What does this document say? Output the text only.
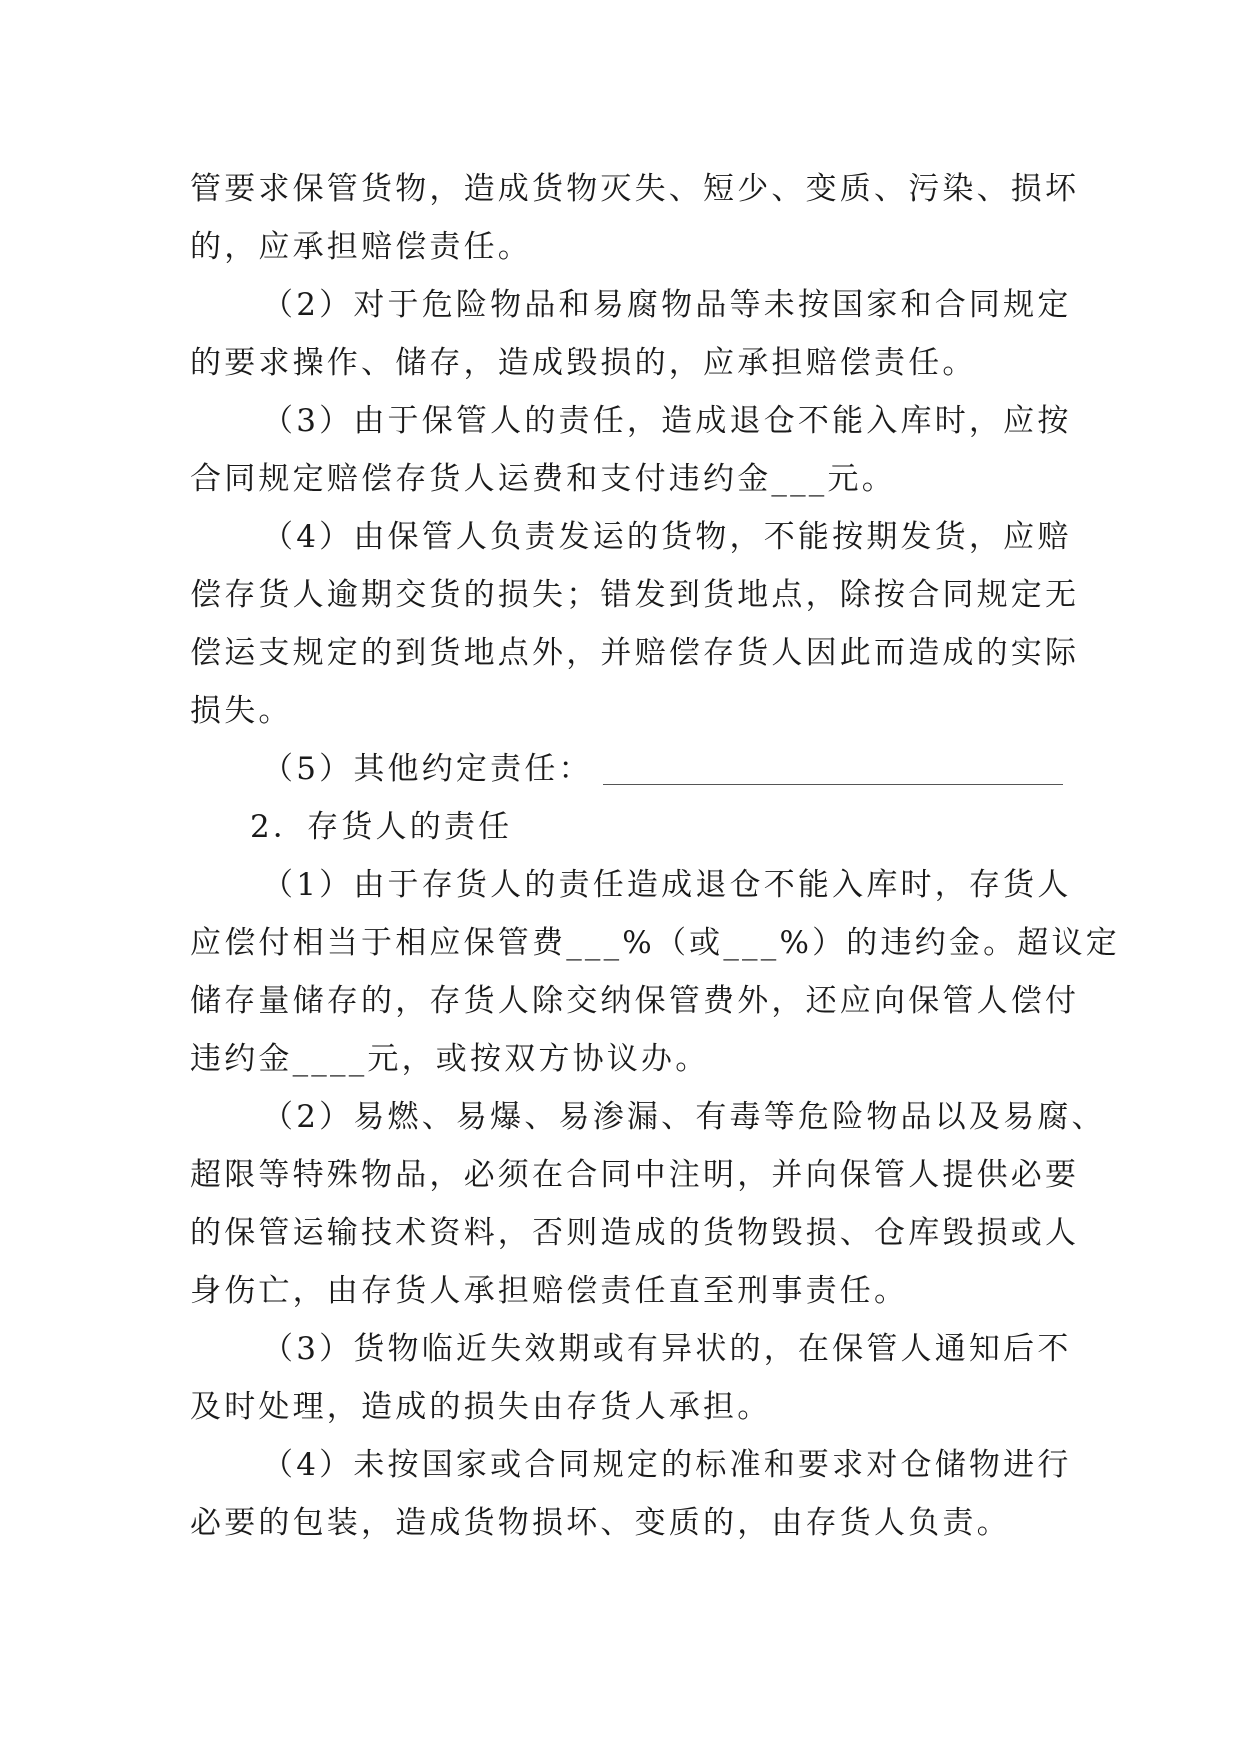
管要求保管货物，造成货物灭失、短少、变质、污染、损坏
的，应承担赔偿责任。
（2）对于危险物品和易腐物品等未按国家和合同规定
的要求操作、储存，造成毁损的，应承担赔偿责任。
（3）由于保管人的责任，造成退仓不能入库时，应按
合同规定赔偿存货人运费和支付违约金___元。
（4）由保管人负责发运的货物，不能按期发货，应赔
偿存货人逾期交货的损失；错发到货地点，除按合同规定无
偿运支规定的到货地点外，并赔偿存货人因此而造成的实际
损失。
（5）其他约定责任：
2．存货人的责任
（1）由于存货人的责任造成退仓不能入库时，存货人
应偿付相当于相应保管费___%（或___%）的违约金。超议定
储存量储存的，存货人除交纳保管费外，还应向保管人偿付
违约金____元，或按双方协议办。
（2）易燃、易爆、易渗漏、有毒等危险物品以及易腐、
超限等特殊物品，必须在合同中注明，并向保管人提供必要
的保管运输技术资料，否则造成的货物毁损、仓库毁损或人
身伤亡，由存货人承担赔偿责任直至刑事责任。
（3）货物临近失效期或有异状的，在保管人通知后不
及时处理，造成的损失由存货人承担。
（4）未按国家或合同规定的标准和要求对仓储物进行
必要的包装，造成货物损坏、变质的，由存货人负责。
